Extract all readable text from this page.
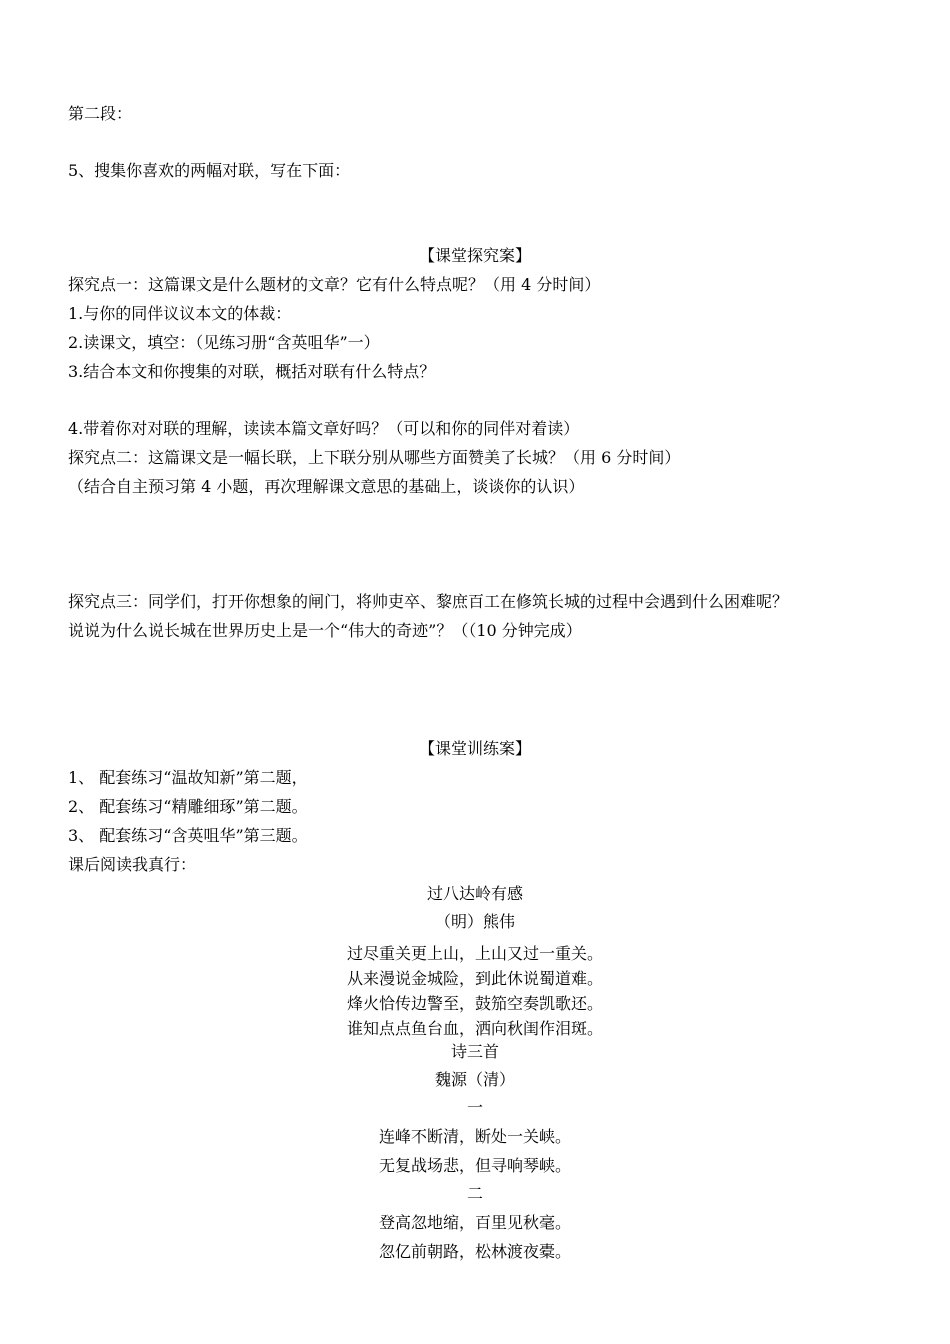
第二段：
5、搜集你喜欢的两幅对联，写在下面：
【课堂探究案】
探究点一：这篇课文是什么题材的文章？它有什么特点呢？（用 4 分时间）
1.与你的同伴议议本文的体裁：
2.读课文，填空：（见练习册“含英咀华”一）
3.结合本文和你搜集的对联，概括对联有什么特点？
4.带着你对对联的理解，读读本篇文章好吗？（可以和你的同伴对着读）
探究点二：这篇课文是一幅长联，上下联分别从哪些方面赞美了长城？（用 6 分时间）
（结合自主预习第 4 小题，再次理解课文意思的基础上，谈谈你的认识）
探究点三：同学们，打开你想象的闸门，将帅吏卒、黎庶百工在修筑长城的过程中会遇到什么困难呢？
说说为什么说长城在世界历史上是一个“伟大的奇迹”？（（10 分钟完成）
【课堂训练案】
1、 配套练习“温故知新”第二题，
2、 配套练习“精雕细琢”第二题。
3、 配套练习“含英咀华”第三题。
课后阅读我真行：
过八达岭有感
（明）熊伟
过尽重关更上山，上山又过一重关。
从来漫说金城险，到此休说蜀道难。
烽火恰传边警至，鼓笳空奏凯歌还。
谁知点点鱼台血，洒向秋闺作泪斑。
诗三首
魏源（清）
一
连峰不断清，断处一关峡。
无复战场悲，但寻响琴峡。
二
登高忽地缩，百里见秋毫。
忽亿前朝路，松林渡夜橐。
